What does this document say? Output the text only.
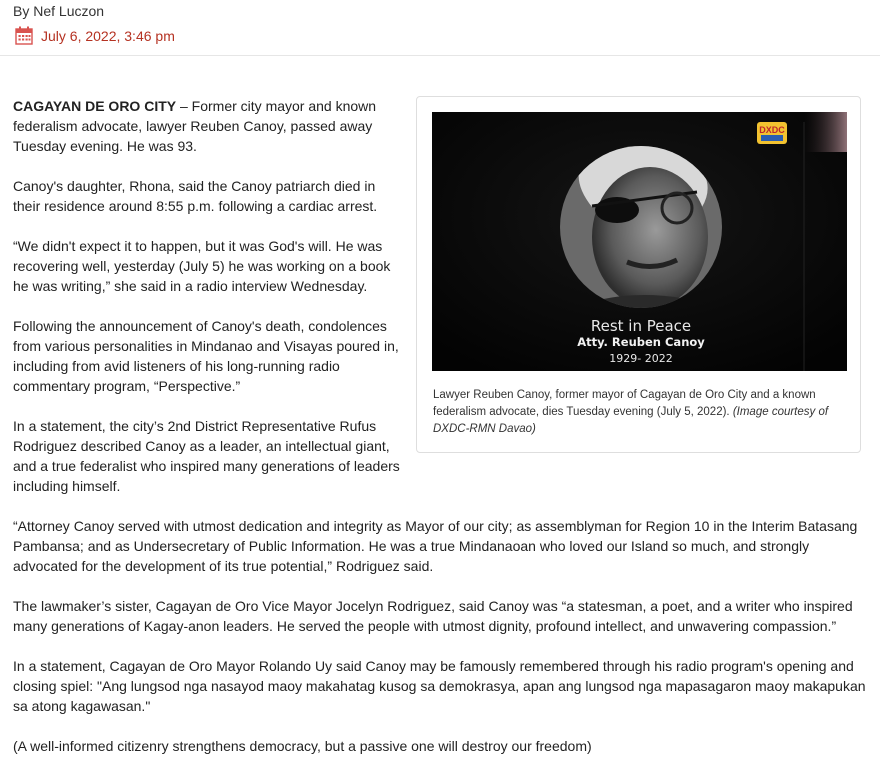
By Nef Luczon
July 6, 2022, 3:46 pm
DXDC
Rest in Peace
Atty. Reuben Canoy
1929- 2022
Lawyer Reuben Canoy, former mayor of Cagayan de Oro City and a known federalism advocate, dies Tuesday evening (July 5, 2022). (Image courtesy of DXDC-RMN Davao)

CAGAYAN DE ORO CITY – Former city mayor and known federalism advocate, lawyer Reuben Canoy, passed away Tuesday evening. He was 93.

Canoy's daughter, Rhona, said the Canoy patriarch died in their residence around 8:55 p.m. following a cardiac arrest.

“We didn't expect it to happen, but it was God's will. He was recovering well, yesterday (July 5) he was working on a book he was writing,” she said in a radio interview Wednesday.

Following the announcement of Canoy's death, condolences from various personalities in Mindanao and Visayas poured in, including from avid listeners of his long-running radio commentary program, “Perspective.”

In a statement, the city’s 2nd District Representative Rufus Rodriguez described Canoy as a leader, an intellectual giant, and a true federalist who inspired many generations of leaders including himself.

“Attorney Canoy served with utmost dedication and integrity as Mayor of our city; as assemblyman for Region 10 in the Interim Batasang Pambansa; and as Undersecretary of Public Information. He was a true Mindanaoan who loved our Island so much, and strongly advocated for the development of its true potential,” Rodriguez said.

The lawmaker’s sister, Cagayan de Oro Vice Mayor Jocelyn Rodriguez, said Canoy was “a statesman, a poet, and a writer who inspired many generations of Kagay-anon leaders. He served the people with utmost dignity, profound intellect, and unwavering compassion.”

In a statement, Cagayan de Oro Mayor Rolando Uy said Canoy may be famously remembered through his radio program's opening and closing spiel: "Ang lungsod nga nasayod maoy makahatag kusog sa demokrasya, apan ang lungsod nga mapasagaron maoy makapukan sa atong kagawasan."

(A well-informed citizenry strengthens democracy, but a passive one will destroy our freedom)
